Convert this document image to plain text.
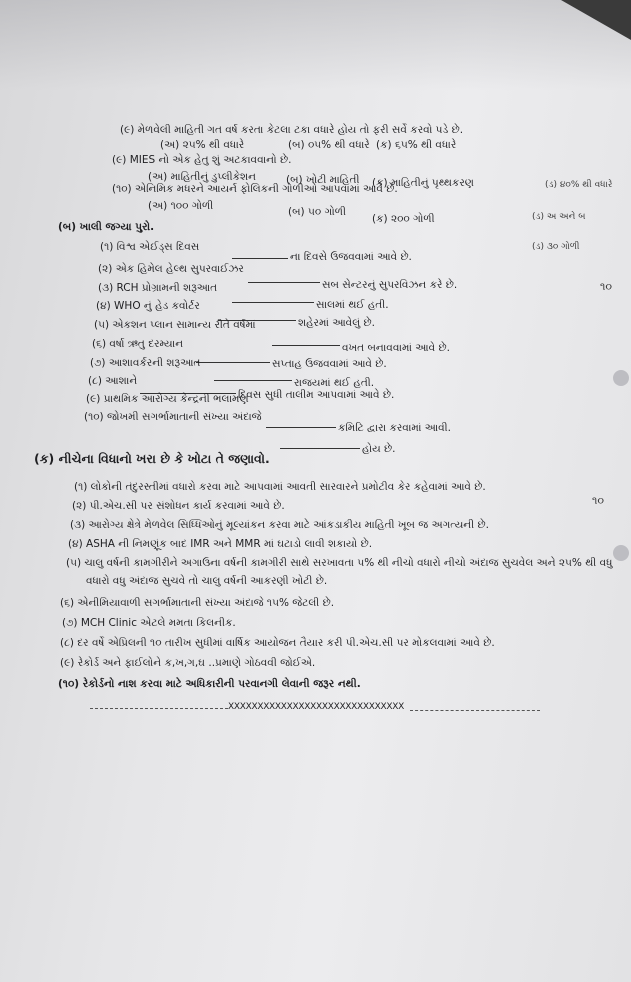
(૯) મેળવેલી માહિતી ગત વર્ષ કરતા કેટલા ટકા વધારે હોય તો ફરી સર્વે કરવો પડે છે.
(અ) ૨૫% થી વધારે	(બ) ૦૫% થી વધારે (ક) ૬૫% થી વધારે
(ડ) ૪૦% થી વધારે
(૯) MIES નો એક હેતુ શું અટકાવવાનો છે.
(અ) માહિતીનું ડુપ્લીકેશન	(બ) ખોટી માહિતી (ક) માહિતીનું પૃથ્થકરણ
(ડ) અ અને બ
(૧૦) એનિમિક મધરને આયર્ન ફોલિકની ગોળીઓ આપવામાં આવે છે.
(અ) ૧૦૦ ગોળી	(બ) ૫૦ ગોળી
(ક) ૨૦૦ ગોળી
(ડ) ૩૦ ગોળી
(બ) ખાલી જગ્યા પુરો.
૧૦
(૧) વિશ્વ એઈડ્સ દિવસ
ના દિવસે ઉજવવામાં આવે છે.
(૨) એક હિમેલ હેલ્થ સુપરવાઈઝર
સબ સેન્ટરનું સુપરવિઝન કરે છે.
(૩) RCH પ્રોગ્રામની શરૂઆત
સાલમાં થઈ હતી.
(૪) WHO નું હેડ કવોર્ટર
શહેરમાં આવેલું છે.
(૫) એકશન પ્લાન સામાન્ય રીતે વર્ષમાં
વખત બનાવવામાં આવે છે.
(૬) વર્ષા ઋતુ દરમ્યાન
સપ્તાહ ઉજવવામાં આવે છે.
(૭) આશાવર્કરની શરૂઆત
રાજયમાં થઈ હતી.
(૮) આશાને
દિવસ સુધી તાલીમ આપવામાં આવે છે.
(૯) પ્રાથમિક આરોગ્ય કેન્દ્રની ભલામણ
કમિટિ દ્વારા કરવામાં આવી.
(૧૦) જોખમી સગર્ભામાતાની સંખ્યા અંદાજે
હોય છે.
(ક) નીચેના વિધાનો ખરા છે કે ખોટા તે જણાવો.
૧૦
(૧) લોકોની તંદુરસ્તીમાં વધારો કરવા માટે આપવામાં આવતી સારવારને પ્રમોટીવ કેર કહેવામાં આવે છે.
(૨) પી.એચ.સી પર સંશોધન કાર્ય કરવામાં આવે છે.
(૩) આરોગ્ય ક્ષેત્રે મેળવેલ સિધ્ધિઓનું મૂલ્યાંકન કરવા માટે આંકડાકીય માહિતી ખૂબ જ અગત્યની છે.
(૪) ASHA ની નિમણૂંક બાદ IMR અને MMR માં ઘટાડો લાવી શકાયો છે.
(૫) ચાલુ વર્ષની કામગીરીને અગાઉના વર્ષની કામગીરી સાથે સરખાવતા ૫% થી નીચો વધારો નીચો અંદાજ સુચવેલ અને ૨૫% થી વધુ
વધારો વધુ અંદાજ સુચવે તો ચાલુ વર્ષની આકરણી ખોટી છે.
(૬) એનીમિયાવાળી સગર્ભામાતાની સંખ્યા અંદાજે ૧૫% જેટલી છે.
(૭) MCH Clinic એટલે મમતા કિલનીક.
(૮) દર વર્ષે એપ્રિલની ૧૦ તારીખ સુધીમાં વાર્ષિક આયોજન તૈયાર કરી પી.એચ.સી પર મોકલવામાં આવે છે.
(૯) રેકોર્ડ અને ફાઈલોને ક,ખ,ગ,ઘ ..પ્રમાણે ગોઠવવી જોઈએ.
(૧૦) રેકોર્ડનો નાશ કરવા માટે અધિકારીની પરવાનગી લેવાની જરૂર નથી.
XXXXXXXXXXXXXXXXXXXXXXXXXXXXXX
